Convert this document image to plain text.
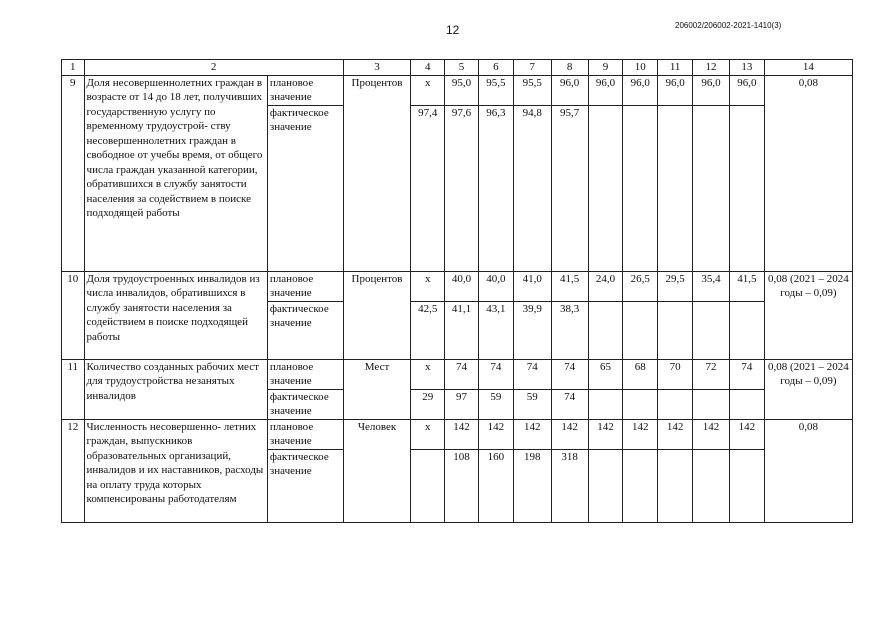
12	206002/206002-2021-1410(3)
1	2		3	4	5	6	7	8	9	10	11	12	13	14
9	Доля несовершеннолетних граждан в возрасте от 14 до 18 лет, получивших государственную услугу по временному трудоустрой- ству несовершеннолетних граждан в свободное от учебы время, от общего числа граждан указанной категории, обратившихся в службу занятости населения за содействием в поиске подходящей работы	плановое значение	Процентов	х	95,0	95,5	95,5	96,0	96,0	96,0	96,0	96,0	96,0	0,08
		фактическое значение		97,4	97,6	96,3	94,8	95,7						
10	Доля трудоустроенных инвалидов из числа инвалидов, обратившихся в службу занятости населения за содействием в поиске подходящей работы	плановое значение	Процентов	х	40,0	40,0	41,0	41,5	24,0	26,5	29,5	35,4	41,5	0,08 (2021 – 2024 годы – 0,09)
		фактическое значение		42,5	41,1	43,1	39,9	38,3						
11	Количество созданных рабочих мест для трудоустройства незанятых инвалидов	плановое значение	Мест	х	74	74	74	74	65	68	70	72	74	0,08 (2021 – 2024 годы – 0,09)
		фактическое значение		29	97	59	59	74						
12	Численность несовершенно- летних граждан, выпускников образовательных организаций, инвалидов и их наставников, расходы на оплату труда которых компенсированы работодателям	плановое значение	Человек	х	142	142	142	142	142	142	142	142	142	0,08
		фактическое значение			108	160	198	318						
